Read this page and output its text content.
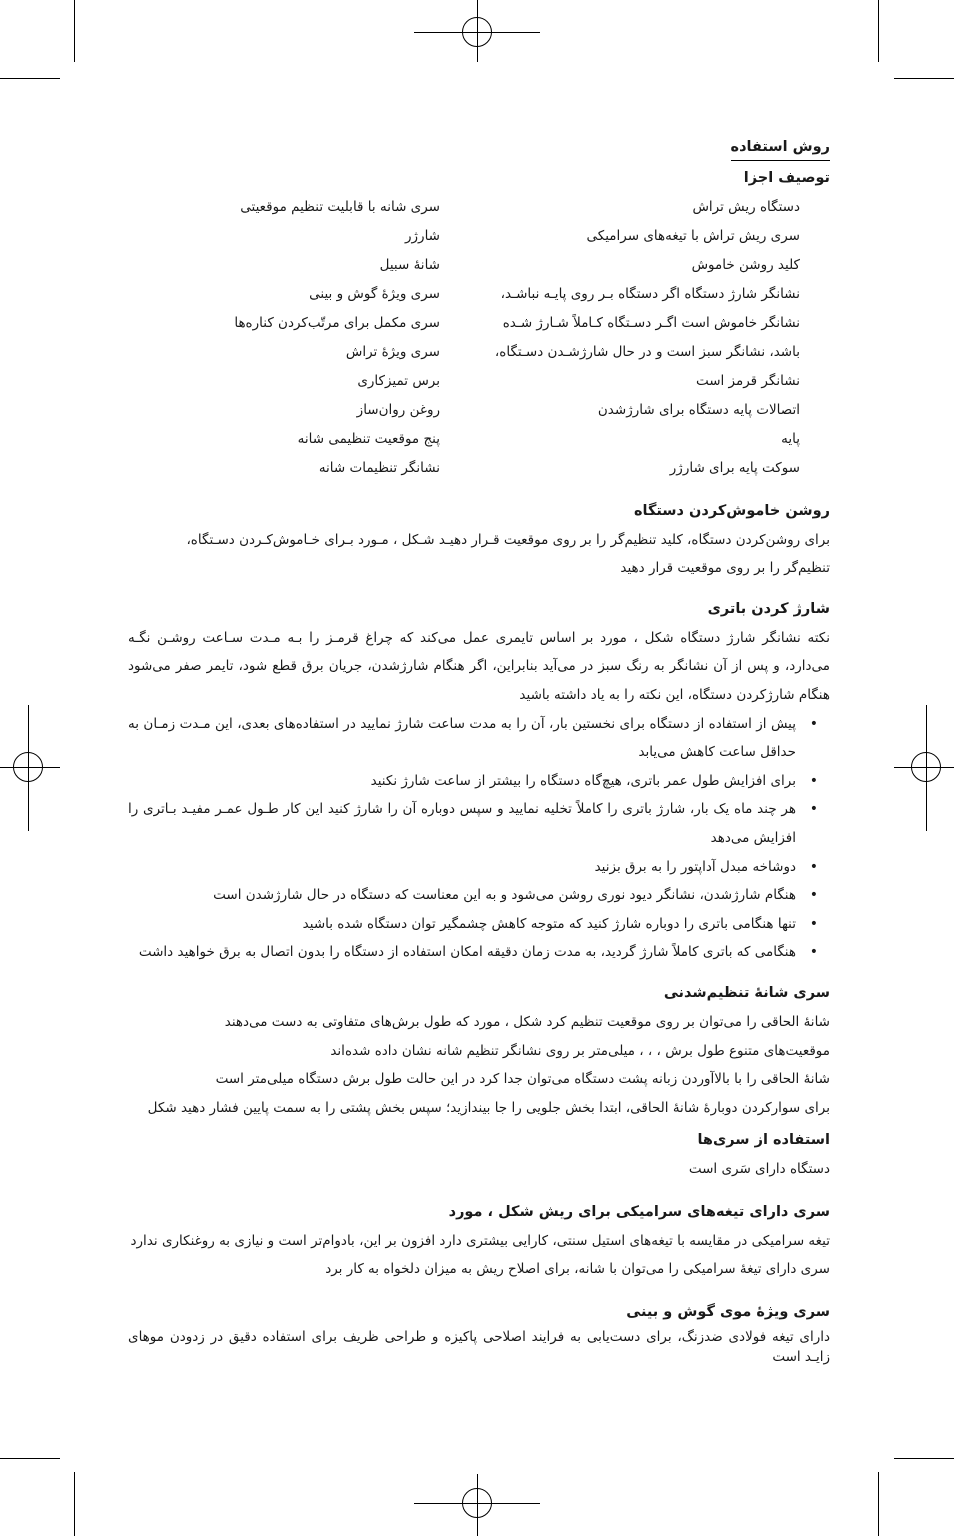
روش استفاده
توصیف اجزا
دستگاه ریش تراش
سری ریش تراش با تیغه‌های سرامیکی
کلید روشن خاموش
نشانگر شارژ دستگاه اگر دستگاه بـر روی پایـه نباشـد،
نشانگر خاموش است اگـر دسـتگاه کـاملاً شـارژ شـده
باشد، نشانگر سبز است و در حال شارژشـدن دسـتگاه،
نشانگر قرمز است
اتصالات پایه دستگاه برای شارژشدن
پایه
سوکت پایه برای شارژر
سری شانه با قابلیت تنظیم موقعیتی
شارژر
شانهٔ سبیل
سری ویژهٔ گوش و بینی
سری مکمل برای مرتّب‌کردن کناره‌ها
سری ویژهٔ تراش
برس تمیزکاری
روغن روان‌ساز
پنج موقعیت تنظیمی شانه
نشانگر تنظیمات شانه
روشن خاموش‌کردن دستگاه

برای روشن‌کردن دستگاه، کلید تنظیم‌گر را بر روی موقعیت قـرار دهیـد شـکل ، مـورد بـرای خـاموش‌کـردن دسـتگاه،

تنظیم‌گر را بر روی موقعیت قرار دهید

شارژ کردن باتری

نکته نشانگر شارژ دستگاه شکل ، مورد بر اساس تایمری عمل می‌کند که چراغ قرمـز را بـه مـدت سـاعت روشـن نگـه می‌دارد، و پس از آن نشانگر به رنگ سبز در می‌آید بنابراین، اگر هنگام شارژشدن، جریان برق قطع شود، تایمر صفر می‌شود هنگام شارژکردن دستگاه، این نکته را به یاد داشته باشید

• پیش از استفاده از دستگاه برای نخستین بار، آن را به مدت ساعت شارژ نمایید در استفاده‌های بعدی، این مـدت زمـان به حداقل ساعت کاهش می‌یابد
• برای افزایش طول عمر باتری، هیچ‌گاه دستگاه را بیشتر از ساعت شارژ نکنید
• هر چند ماه یک بار، شارژ باتری را کاملاً تخلیه نمایید و سپس دوباره آن را شارژ کنید این کار طـول عمـر مفیـد بـاتری را افزایش می‌دهد
• دوشاخه مبدل آداپتور را به برق بزنید
• هنگام شارژشدن، نشانگر دیود نوری روشن می‌شود و به این معناست که دستگاه در حال شارژشدن است
• تنها هنگامی باتری را دوباره شارژ کنید که متوجه کاهش چشمگیر توان دستگاه شده باشید
• هنگامی که باتری کاملاً شارژ گردید، به مدت زمان دقیقه امکان استفاده از دستگاه را بدون اتصال به برق خواهید داشت
سری شانهٔ تنظیم‌شدنی

شانهٔ الحاقی را می‌توان بر روی موقعیت تنظیم کرد شکل ، مورد که طول برش‌های متفاوتی به دست می‌دهند

موقعیت‌های متنوع طول برش ، ، ، میلی‌متر بر روی نشانگر تنظیم شانه نشان داده شده‌اند

شانهٔ الحاقی را با بالاآوردن زبانه پشت دستگاه می‌توان جدا کرد در این حالت طول برش دستگاه میلی‌متر است

برای سوارکردن دوبارهٔ شانهٔ الحاقی، ابتدا بخش جلویی را جا بیندازید؛ سپس بخش پشتی را به سمت پایین فشار دهید شکل

استفاده از سری‌ها

دستگاه دارای سَری است

سری دارای تیغه‌های سرامیکی برای ریش شکل ، مورد

تیغه سرامیکی در مقایسه با تیغه‌های استیل سنتی، کارایی بیشتری دارد افزون بر این، بادوام‌تر است و نیازی به روغنکاری ندارد

سری دارای تیغهٔ سرامیکی را می‌توان با شانه، برای اصلاح ریش به میزان دلخواه به کار برد

سری ویژهٔ موی گوش و بینی

دارای تیغه فولادی ضدزنگ، برای دست‌یابی به فرایند اصلاحی پاکیزه و طراحی ظریف برای استفاده دقیق در زدودن موهای زایـد است
